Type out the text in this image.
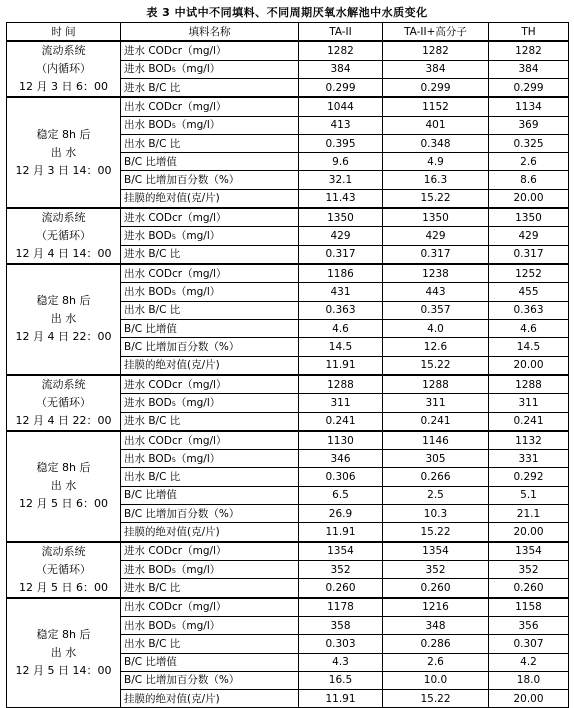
表 3 中试中不同填料、不同周期厌氧水解池中水质变化
时 间	填料名称	TA-II	TA-II+高分子	TH

流动系统
（内循环）
12 月 3 日 6：00	进水 CODcr（mg/l）	1282	1282	1282
	进水 BOD₅（mg/l）	384	384	384
	进水 B/C 比	0.299	0.299	0.299

稳定 8h 后
出 水
12 月 3 日 14：00	出水 CODcr（mg/l）	1044	1152	1134
	出水 BOD₅（mg/l）	413	401	369
	出水 B/C 比	0.395	0.348	0.325
	B/C 比增值	9.6	4.9	2.6
	B/C 比增加百分数（%）	32.1	16.3	8.6
	挂膜的绝对值(克/片)	11.43	15.22	20.00

流动系统
（无循环）
12 月 4 日 14：00	进水 CODcr（mg/l）	1350	1350	1350
	进水 BOD₅（mg/l）	429	429	429
	进水 B/C 比	0.317	0.317	0.317

稳定 8h 后
出 水
12 月 4 日 22：00	出水 CODcr（mg/l）	1186	1238	1252
	出水 BOD₅（mg/l）	431	443	455
	出水 B/C 比	0.363	0.357	0.363
	B/C 比增值	4.6	4.0	4.6
	B/C 比增加百分数（%）	14.5	12.6	14.5
	挂膜的绝对值(克/片)	11.91	15.22	20.00

流动系统
（无循环）
12 月 4 日 22：00	进水 CODcr（mg/l）	1288	1288	1288
	进水 BOD₅（mg/l）	311	311	311
	进水 B/C 比	0.241	0.241	0.241

稳定 8h 后
出 水
12 月 5 日 6：00	出水 CODcr（mg/l）	1130	1146	1132
	出水 BOD₅（mg/l）	346	305	331
	出水 B/C 比	0.306	0.266	0.292
	B/C 比增值	6.5	2.5	5.1
	B/C 比增加百分数（%）	26.9	10.3	21.1
	挂膜的绝对值(克/片)	11.91	15.22	20.00

流动系统
（无循环）
12 月 5 日 6：00	进水 CODcr（mg/l）	1354	1354	1354
	进水 BOD₅（mg/l）	352	352	352
	进水 B/C 比	0.260	0.260	0.260

稳定 8h 后
出 水
12 月 5 日 14：00	出水 CODcr（mg/l）	1178	1216	1158
	出水 BOD₅（mg/l）	358	348	356
	出水 B/C 比	0.303	0.286	0.307
	B/C 比增值	4.3	2.6	4.2
	B/C 比增加百分数（%）	16.5	10.0	18.0
	挂膜的绝对值(克/片)	11.91	15.22	20.00
